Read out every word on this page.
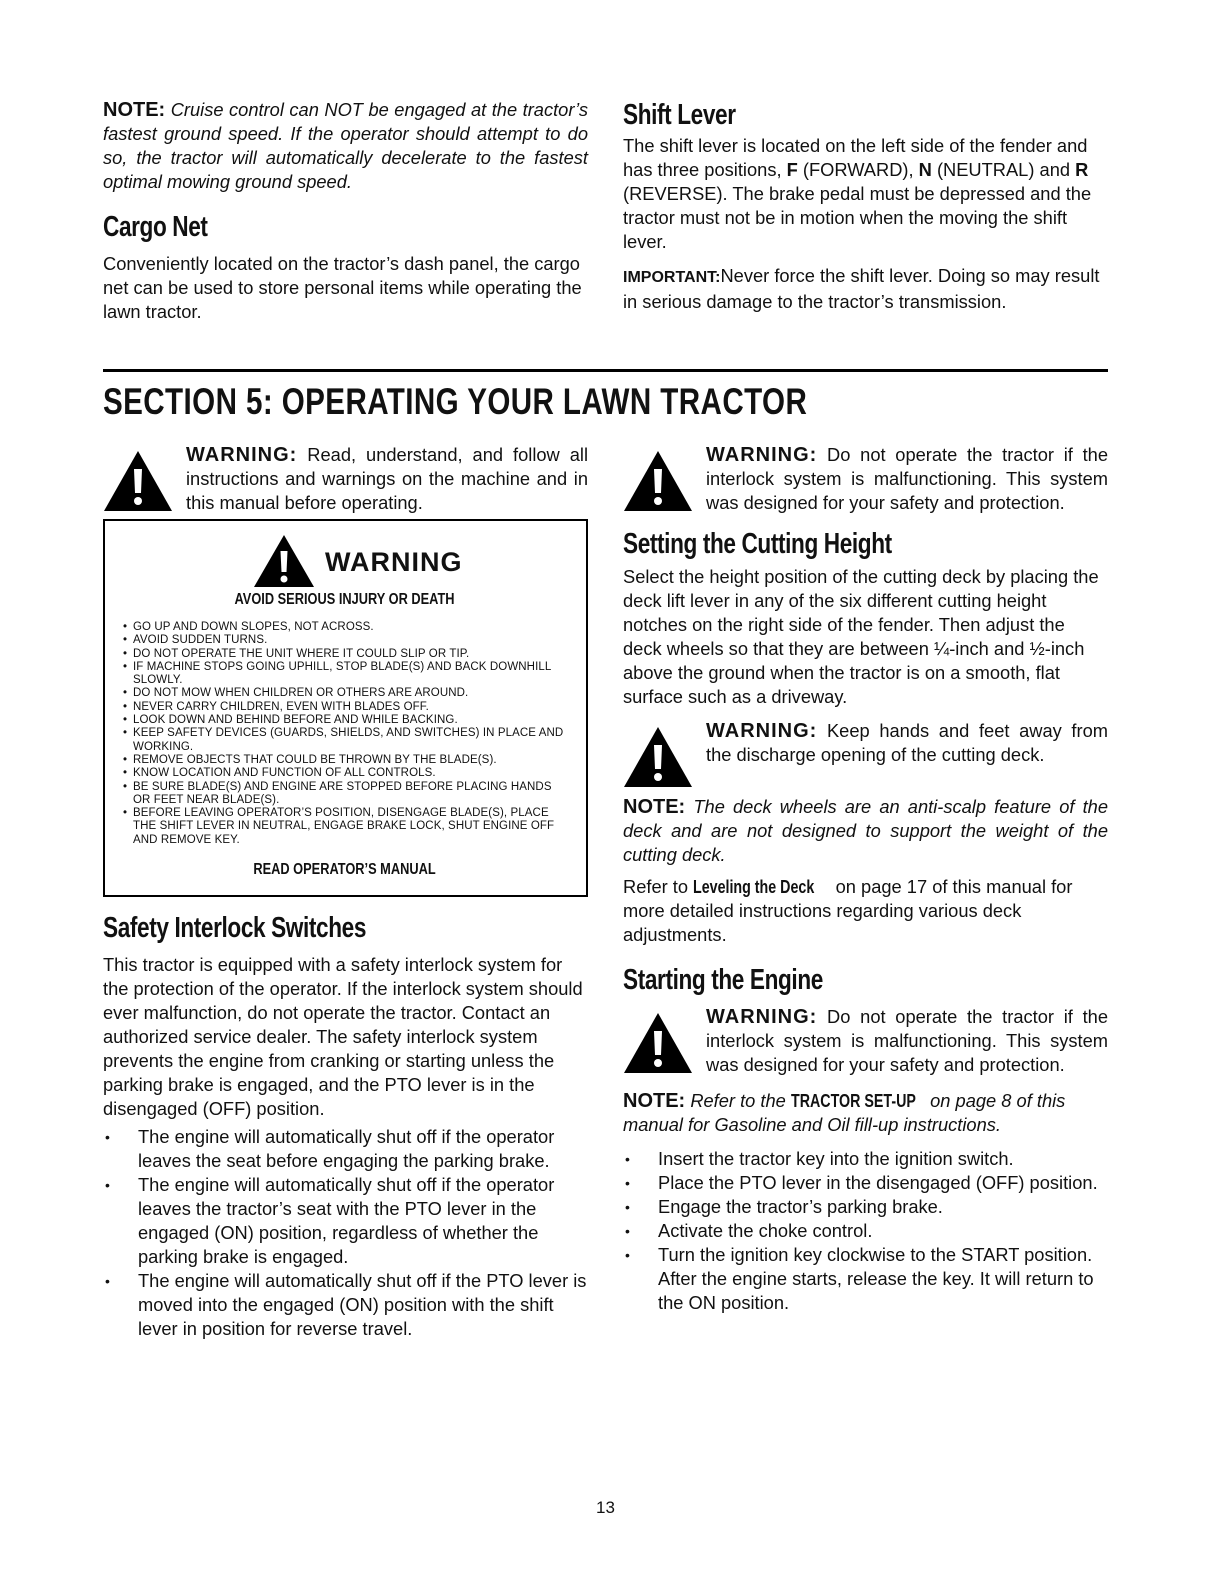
NOTE: Cruise control can NOT be engaged at the tractor’s fastest ground speed. If the operator should attempt to do so, the tractor will automatically decelerate to the fastest optimal mowing ground speed.

Cargo Net

Conveniently located on the tractor’s dash panel, the cargo net can be used to store personal items while operating the lawn tractor.

Shift Lever

The shift lever is located on the left side of the fender and has three positions, F (FORWARD), N (NEUTRAL) and R (REVERSE). The brake pedal must be depressed and the tractor must not be in motion when the moving the shift lever.

IMPORTANT:Never force the shift lever. Doing so may result in serious damage to the tractor’s transmission.

SECTION 5: OPERATING YOUR LAWN TRACTOR

WARNING: Read, understand, and follow all instructions and warnings on the machine and in this manual before operating.

WARNING
AVOID SERIOUS INJURY OR DEATH
• GO UP AND DOWN SLOPES, NOT ACROSS.
• AVOID SUDDEN TURNS.
• DO NOT OPERATE THE UNIT WHERE IT COULD SLIP OR TIP.
• IF MACHINE STOPS GOING UPHILL, STOP BLADE(S) AND BACK DOWNHILL SLOWLY.
• DO NOT MOW WHEN CHILDREN OR OTHERS ARE AROUND.
• NEVER CARRY CHILDREN, EVEN WITH BLADES OFF.
• LOOK DOWN AND BEHIND BEFORE AND WHILE BACKING.
• KEEP SAFETY DEVICES (GUARDS, SHIELDS, AND SWITCHES) IN PLACE AND WORKING.
• REMOVE OBJECTS THAT COULD BE THROWN BY THE BLADE(S).
• KNOW LOCATION AND FUNCTION OF ALL CONTROLS.
• BE SURE BLADE(S) AND ENGINE ARE STOPPED BEFORE PLACING HANDS OR FEET NEAR BLADE(S).
• BEFORE LEAVING OPERATOR’S POSITION, DISENGAGE BLADE(S), PLACE THE SHIFT LEVER IN NEUTRAL, ENGAGE BRAKE LOCK, SHUT ENGINE OFF AND REMOVE KEY.
READ OPERATOR’S MANUAL
Safety Interlock Switches

This tractor is equipped with a safety interlock system for the protection of the operator. If the interlock system should ever malfunction, do not operate the tractor. Contact an authorized service dealer. The safety interlock system prevents the engine from cranking or starting unless the parking brake is engaged, and the PTO lever is in the disengaged (OFF) position.

• The engine will automatically shut off if the operator leaves the seat before engaging the parking brake.
• The engine will automatically shut off if the operator leaves the tractor’s seat with the PTO lever in the engaged (ON) position, regardless of whether the parking brake is engaged.
• The engine will automatically shut off if the PTO lever is moved into the engaged (ON) position with the shift lever in position for reverse travel.

WARNING: Do not operate the tractor if the interlock system is malfunctioning. This system was designed for your safety and protection.

Setting the Cutting Height

Select the height position of the cutting deck by placing the deck lift lever in any of the six different cutting height notches on the right side of the fender. Then adjust the deck wheels so that they are between ¼-inch and ½-inch above the ground when the tractor is on a smooth, flat surface such as a driveway.

WARNING: Keep hands and feet away from the discharge opening of the cutting deck.

NOTE: The deck wheels are an anti-scalp feature of the deck and are not designed to support the weight of the cutting deck.

Refer to Leveling the Deck on page 17 of this manual for more detailed instructions regarding various deck adjustments.

Starting the Engine

WARNING: Do not operate the tractor if the interlock system is malfunctioning. This system was designed for your safety and protection.

NOTE: Refer to the TRACTOR SET-UP on page 8 of this manual for Gasoline and Oil fill-up instructions.

• Insert the tractor key into the ignition switch.
• Place the PTO lever in the disengaged (OFF) position.
• Engage the tractor’s parking brake.
• Activate the choke control.
• Turn the ignition key clockwise to the START position. After the engine starts, release the key. It will return to the ON position.
13
